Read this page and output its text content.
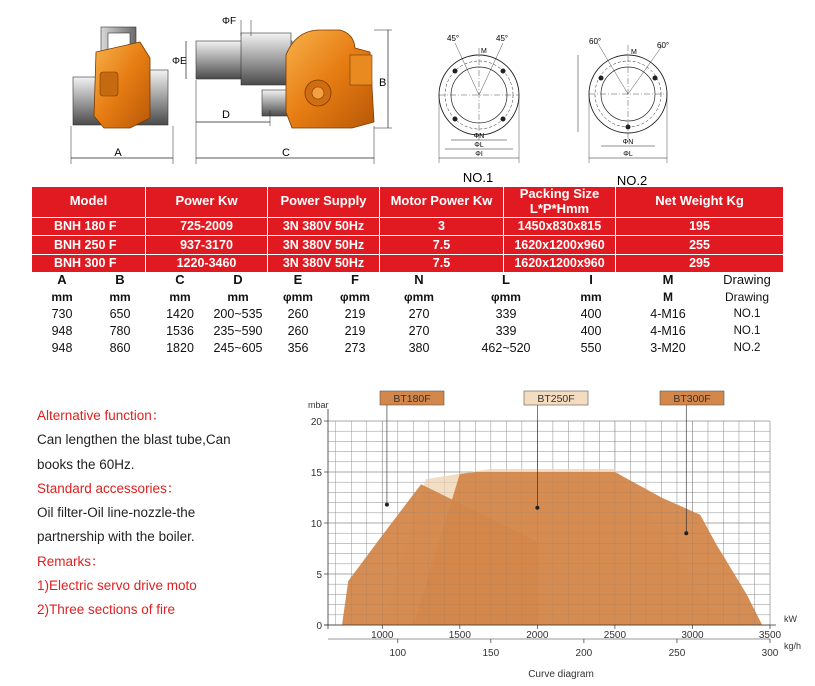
A	C
D
ΦE
ΦF
B
45°	45°
M
ΦN
ΦL
ΦI
NO.1
60°	60°
M
ΦN
ΦL
NO.2
Model	Power Kw	Power Supply	Motor Power Kw	Packing Size L*P*Hmm	Net Weight Kg
BNH 180 F	725-2009	3N 380V 50Hz	3	1450x830x815	195
BNH 250 F	937-3170	3N 380V 50Hz	7.5	1620x1200x960	255
BNH 300 F	1220-3460	3N 380V 50Hz	7.5	1620x1200x960	295
A	B	C	D	E	F	N	L	I	M	Drawing
mm	mm	mm	mm	φmm	φmm	φmm	φmm	mm	M	Drawing
730	650	1420	200~535	260	219	270	339	400	4-M16	NO.1
948	780	1536	235~590	260	219	270	339	400	4-M16	NO.1
948	860	1820	245~605	356	273	380	462~520	550	3-M20	NO.2
Alternative function：
Can lengthen the blast tube,Can
books the 60Hz.
Standard accessories：
Oil filter-Oil line-nozzle-the
partnership with the boiler.
Remarks：
1)Electric servo drive moto
2)Three sections of fire
0
5
10
15
20
mbar
1000	1500	2000	2500	3000	3500
kW
100	150	200	250	300
kg/h
Curve diagram
BT180F	BT250F	BT300F
